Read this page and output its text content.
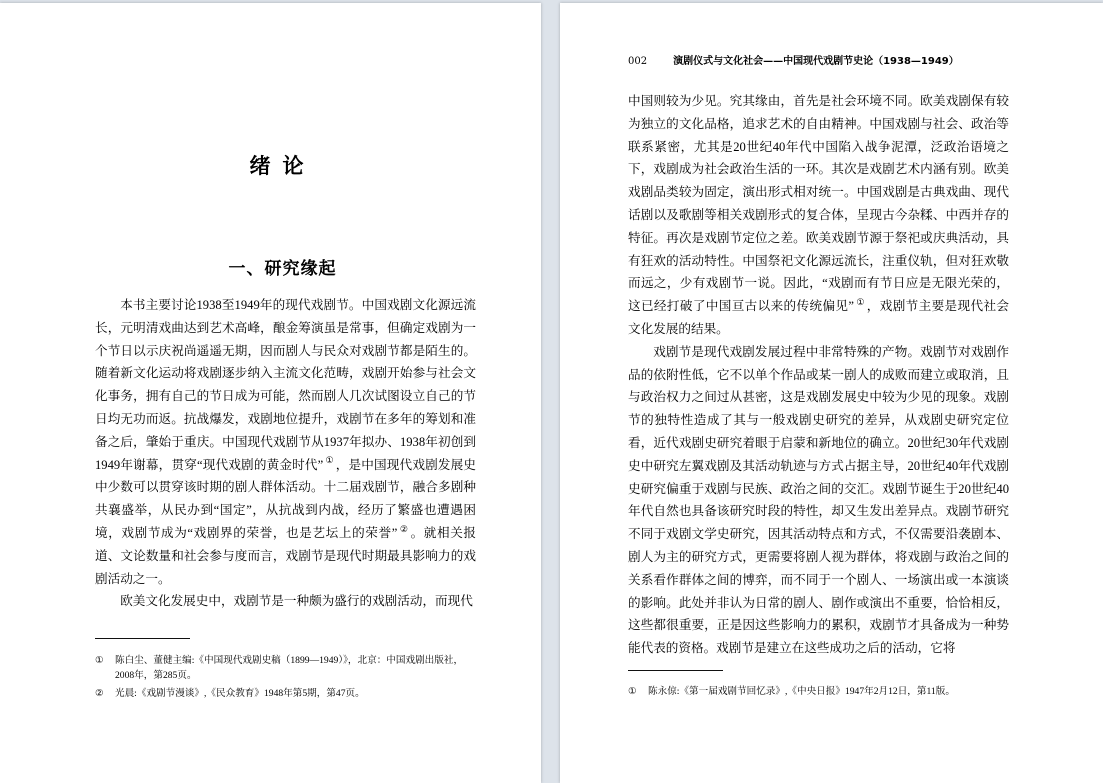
绪论
一、研究缘起

本书主要讨论1938至1949年的现代戏剧节。中国戏剧文化源远流长，元明清戏曲达到艺术高峰，酿金筹演虽是常事，但确定戏剧为一个节日以示庆祝尚遥遥无期，因而剧人与民众对戏剧节都是陌生的。随着新文化运动将戏剧逐步纳入主流文化范畴，戏剧开始参与社会文化事务，拥有自己的节日成为可能，然而剧人几次试图设立自己的节日均无功而返。抗战爆发，戏剧地位提升，戏剧节在多年的筹划和准备之后，肇始于重庆。中国现代戏剧节从1937年拟办、1938年初创到1949年谢幕，贯穿“现代戏剧的黄金时代” ① ，是中国现代戏剧发展史中少数可以贯穿该时期的剧人群体活动。十二届戏剧节，融合多剧种共襄盛举，从民办到“国定”，从抗战到内战，经历了繁盛也遭遇困境，戏剧节成为“戏剧界的荣誉，也是艺坛上的荣誉” ② 。就相关报道、文论数量和社会参与度而言，戏剧节是现代时期最具影响力的戏剧活动之一。

欧美文化发展史中，戏剧节是一种颇为盛行的戏剧活动，而现代

① 陈白尘、董健主编:《中国现代戏剧史稿（1899—1949）》，北京：中国戏剧出版社，2008年，第285页。
② 光晨:《戏剧节漫谈》,《民众教育》1948年第5期，第47页。
002	演剧仪式与文化社会——中国现代戏剧节史论（1938—1949）

中国则较为少见。究其缘由，首先是社会环境不同。欧美戏剧保有较为独立的文化品格，追求艺术的自由精神。中国戏剧与社会、政治等联系紧密，尤其是20世纪40年代中国陷入战争泥潭，泛政治语境之下，戏剧成为社会政治生活的一环。其次是戏剧艺术内涵有别。欧美戏剧品类较为固定，演出形式相对统一。中国戏剧是古典戏曲、现代话剧以及歌剧等相关戏剧形式的复合体，呈现古今杂糅、中西并存的特征。再次是戏剧节定位之差。欧美戏剧节源于祭祀或庆典活动，具有狂欢的活动特性。中国祭祀文化源远流长，注重仪轨，但对狂欢敬而远之，少有戏剧节一说。因此，“戏剧而有节日应是无限光荣的，这已经打破了中国亘古以来的传统偏见” ① ，戏剧节主要是现代社会文化发展的结果。

戏剧节是现代戏剧发展过程中非常特殊的产物。戏剧节对戏剧作品的依附性低，它不以单个作品或某一剧人的成败而建立或取消，且与政治权力之间过从甚密，这是戏剧发展史中较为少见的现象。戏剧节的独特性造成了其与一般戏剧史研究的差异，从戏剧史研究定位看，近代戏剧史研究着眼于启蒙和新地位的确立。20世纪30年代戏剧史中研究左翼戏剧及其活动轨迹与方式占据主导，20世纪40年代戏剧史研究偏重于戏剧与民族、政治之间的交汇。戏剧节诞生于20世纪40年代自然也具备该研究时段的特性，却又生发出差异点。戏剧节研究不同于戏剧文学史研究，因其活动特点和方式，不仅需要沿袭剧本、剧人为主的研究方式，更需要将剧人视为群体，将戏剧与政治之间的关系看作群体之间的博弈，而不同于一个剧人、一场演出或一本演谈的影响。此处并非认为日常的剧人、剧作或演出不重要，恰恰相反，这些都很重要，正是因这些影响力的累积，戏剧节才具备成为一种势能代表的资格。戏剧节是建立在这些成功之后的活动，它将

① 陈永倞:《第一届戏剧节回忆录》,《中央日报》1947年2月12日，第11版。
